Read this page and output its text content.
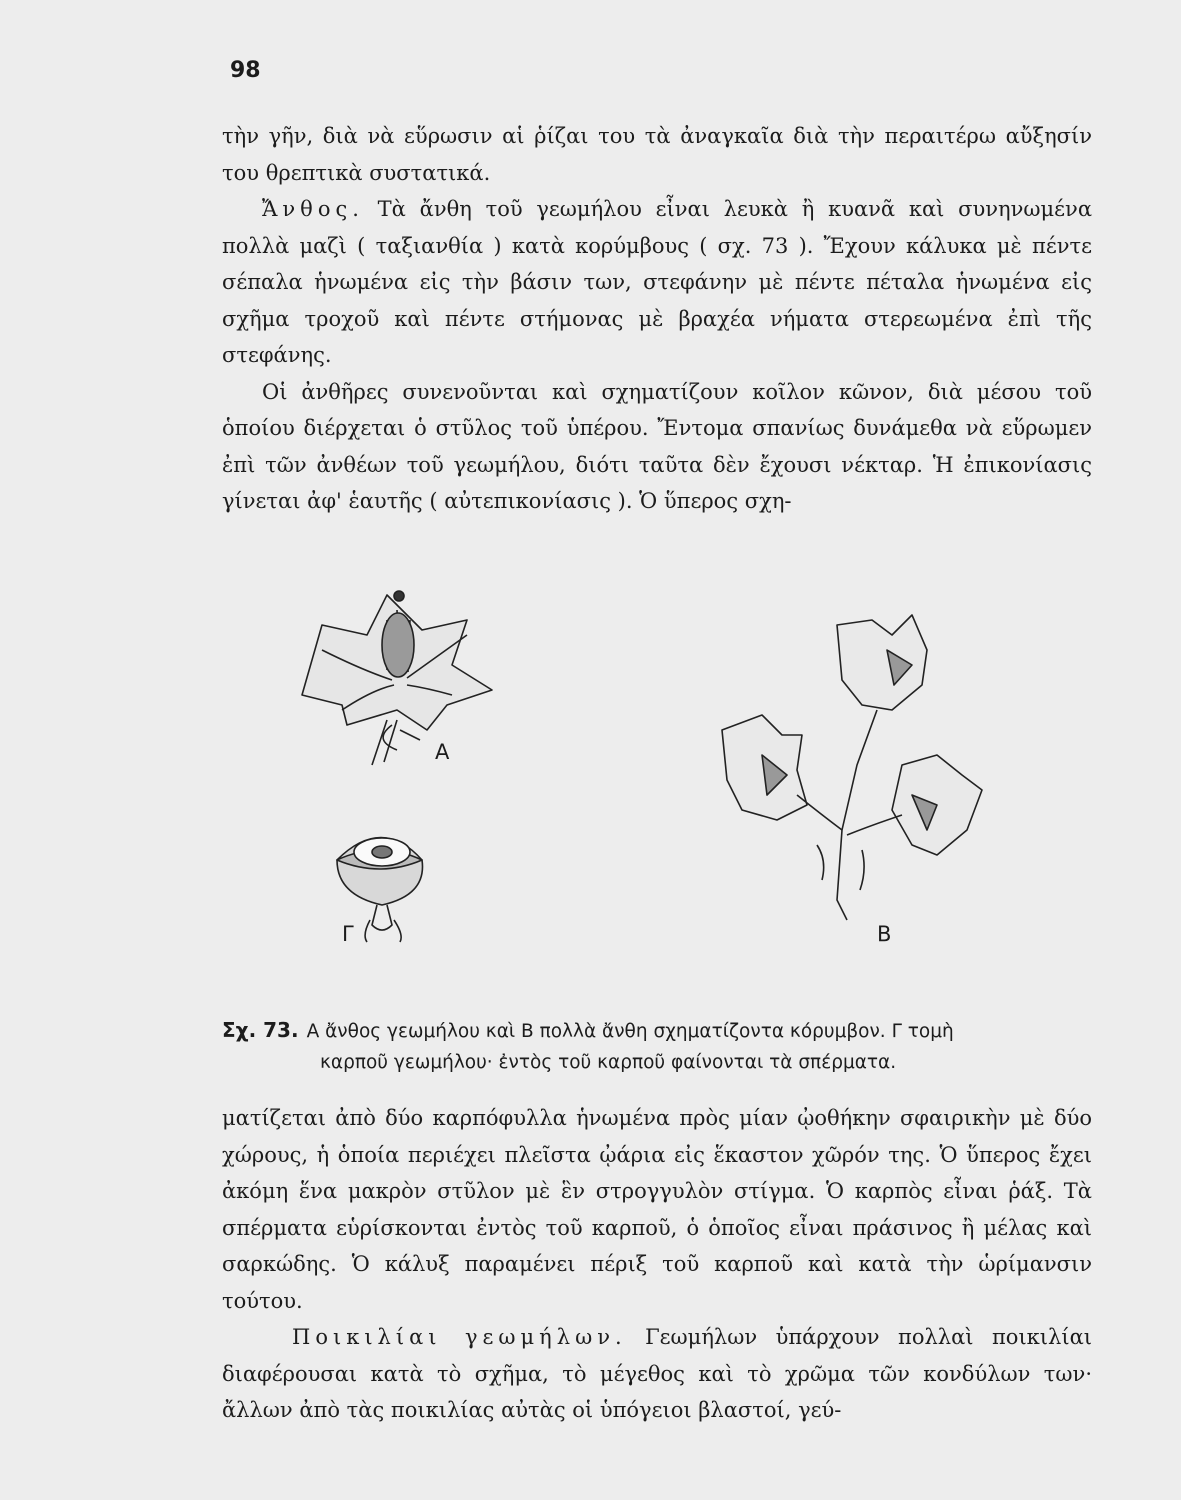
98

τὴν γῆν, διὰ νὰ εὕρωσιν αἱ ῥίζαι του τὰ ἀναγκαῖα διὰ τὴν περαιτέρω αὔξησίν του θρεπτικὰ συστατικά.

Ἄνθος. Τὰ ἄνθη τοῦ γεωμήλου εἶναι λευκὰ ἢ κυανᾶ καὶ συνηνωμένα πολλὰ μαζὶ ( ταξιανθία ) κατὰ κορύμβους ( σχ. 73 ). Ἔχουν κάλυκα μὲ πέντε σέπαλα ἡνωμένα εἰς τὴν βάσιν των, στεφάνην μὲ πέντε πέταλα ἡνωμένα εἰς σχῆμα τροχοῦ καὶ πέντε στήμονας μὲ βραχέα νήματα στερεωμένα ἐπὶ τῆς στεφάνης.

Οἱ ἀνθῆρες συνενοῦνται καὶ σχηματίζουν κοῖλον κῶνον, διὰ μέσου τοῦ ὁποίου διέρχεται ὁ στῦλος τοῦ ὑπέρου. Ἔντομα σπανίως δυνάμεθα νὰ εὕρωμεν ἐπὶ τῶν ἀνθέων τοῦ γεωμήλου, διότι ταῦτα δὲν ἔχουσι νέκταρ. Ἡ ἐπικονίασις γίνεται ἀφ' ἑαυτῆς ( αὐτεπικονίασις ). Ὁ ὕπερος σχη-

Α
Β
Γ
Σχ. 73. Α ἄνθος γεωμήλου καὶ Β πολλὰ ἄνθη σχηματίζοντα κόρυμβον. Γ τομὴ
καρποῦ γεωμήλου· ἐντὸς τοῦ καρποῦ φαίνονται τὰ σπέρματα.

ματίζεται ἀπὸ δύο καρπόφυλλα ἡνωμένα πρὸς μίαν ᾠοθήκην σφαιρικὴν μὲ δύο χώρους, ἡ ὁποία περιέχει πλεῖστα ᾠάρια εἰς ἕκαστον χῶρόν της. Ὁ ὕπερος ἔχει ἀκόμη ἕνα μακρὸν στῦλον μὲ ἓν στρογγυλὸν στίγμα. Ὁ καρπὸς εἶναι ῥάξ. Τὰ σπέρματα εὑρίσκονται ἐντὸς τοῦ καρποῦ, ὁ ὁποῖος εἶναι πράσινος ἢ μέλας καὶ σαρκώδης. Ὁ κάλυξ παραμένει πέριξ τοῦ καρποῦ καὶ κατὰ τὴν ὡρίμανσιν τούτου.

Ποικιλίαι γεωμήλων. Γεωμήλων ὑπάρχουν πολλαὶ ποικιλίαι διαφέρουσαι κατὰ τὸ σχῆμα, τὸ μέγεθος καὶ τὸ χρῶμα τῶν κονδύλων των· ἄλλων ἀπὸ τὰς ποικιλίας αὐτὰς οἱ ὑπόγειοι βλαστοί, γεύ-
